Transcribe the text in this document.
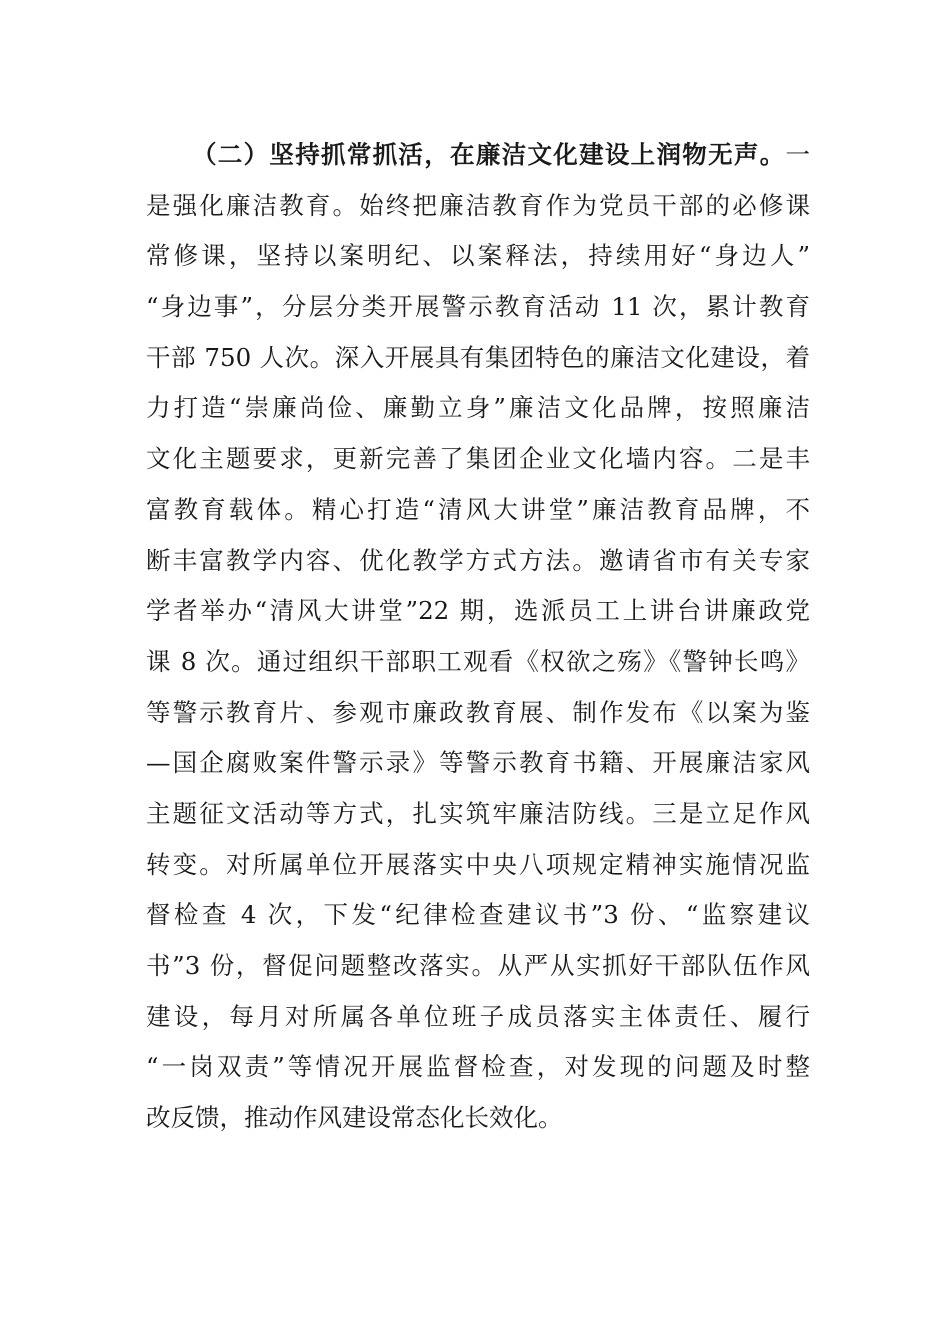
（二）坚持抓常抓活，在廉洁文化建设上润物无声。一
是强化廉洁教育。始终把廉洁教育作为党员干部的必修课
常修课，坚持以案明纪、以案释法，持续用好“身边人”
“身边事”，分层分类开展警示教育活动 11 次，累计教育
干部 750 人次。深入开展具有集团特色的廉洁文化建设，着
力打造“崇廉尚俭、廉勤立身”廉洁文化品牌，按照廉洁
文化主题要求，更新完善了集团企业文化墙内容。二是丰
富教育载体。精心打造“清风大讲堂”廉洁教育品牌，不
断丰富教学内容、优化教学方式方法。邀请省市有关专家
学者举办“清风大讲堂”22 期，选派员工上讲台讲廉政党
课 8 次。通过组织干部职工观看《权欲之殇》《警钟长鸣》
等警示教育片、参观市廉政教育展、制作发布《以案为鉴
—国企腐败案件警示录》等警示教育书籍、开展廉洁家风
主题征文活动等方式，扎实筑牢廉洁防线。三是立足作风
转变。对所属单位开展落实中央八项规定精神实施情况监
督检查 4 次，下发“纪律检查建议书”3 份、“监察建议
书”3 份，督促问题整改落实。从严从实抓好干部队伍作风
建设，每月对所属各单位班子成员落实主体责任、履行
“一岗双责”等情况开展监督检查，对发现的问题及时整
改反馈，推动作风建设常态化长效化。
